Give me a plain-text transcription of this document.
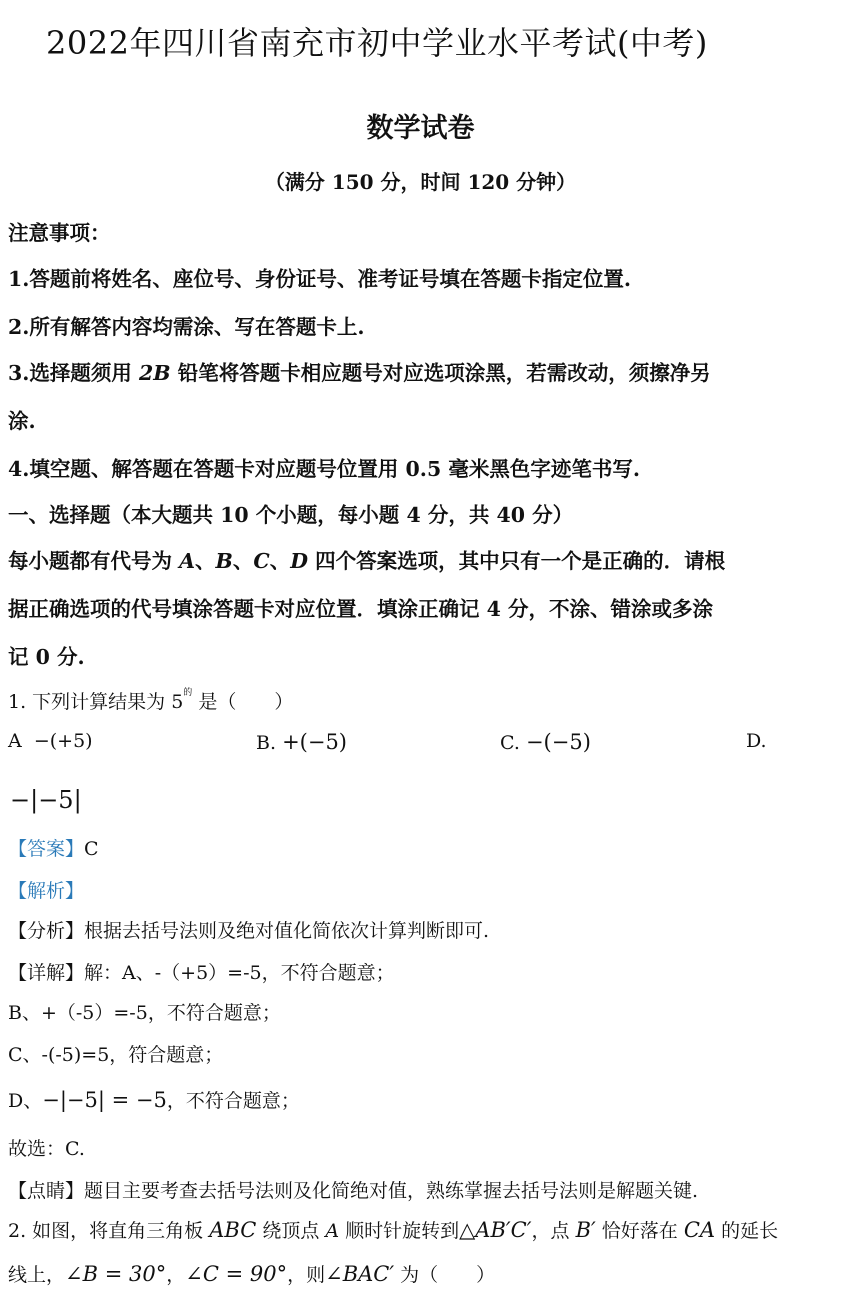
2022年四川省南充市初中学业水平考试(中考)
数学试卷
（满分 150 分，时间 120 分钟）
注意事项：
1.答题前将姓名、座位号、身份证号、准考证号填在答题卡指定位置.
2.所有解答内容均需涂、写在答题卡上.
3.选择题须用 2B 铅笔将答题卡相应题号对应选项涂黑，若需改动，须擦净另
涂.
4.填空题、解答题在答题卡对应题号位置用 0.5 毫米黑色字迹笔书写.
一、选择题（本大题共 10 个小题，每小题 4 分，共 40 分）
每小题都有代号为 A、B、C、D 四个答案选项，其中只有一个是正确的．请根
据正确选项的代号填涂答题卡对应位置．填涂正确记 4 分，不涂、错涂或多涂
记 0 分.
1. 下列计算结果为 $5^的$ 是（　　）
A −(+5)	B. +(−5)	C. −(−5)	D.
−|−5|
【答案】C
【解析】
【分析】根据去括号法则及绝对值化简依次计算判断即可.
【详解】解：A、-（+5）=-5，不符合题意；
B、+（-5）=-5，不符合题意；
C、-(-5)=5，符合题意；
D、−|−5| = −5，不符合题意；
故选：C.
【点睛】题目主要考查去括号法则及化简绝对值，熟练掌握去括号法则是解题关键.
2. 如图，将直角三角板 ABC 绕顶点 A 顺时针旋转到△AB′C′，点 B′ 恰好落在 CA 的延长
线上，∠B = 30°，∠C = 90°，则∠BAC′ 为（　　）
